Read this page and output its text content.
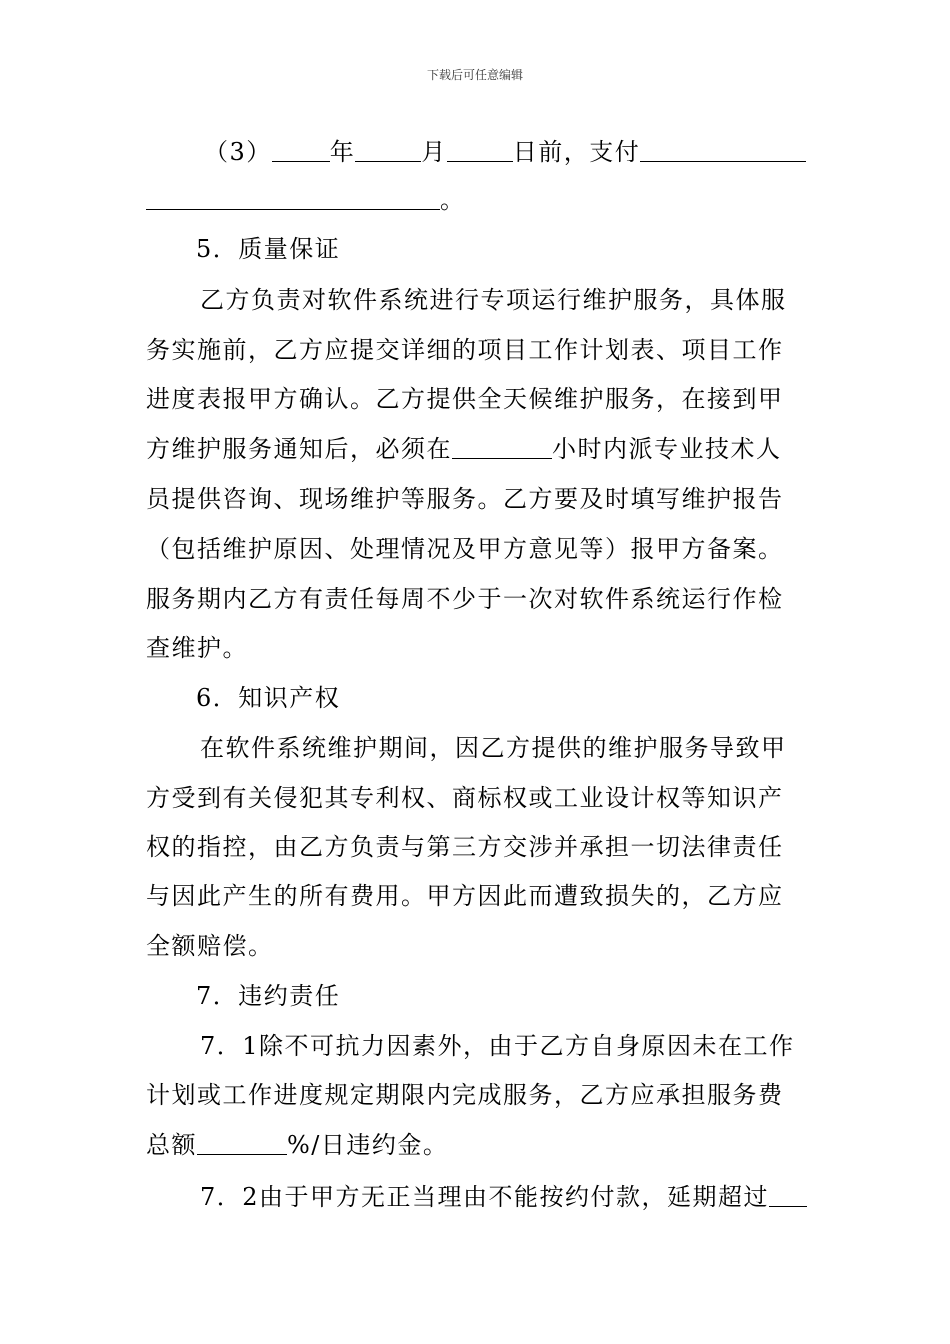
下载后可任意编辑
（3） 年	月	日前，支付
。
5．质量保证
乙方负责对软件系统进行专项运行维护服务，具体服
务实施前，乙方应提交详细的项目工作计划表、项目工作
进度表报甲方确认。乙方提供全天候维护服务，在接到甲
方维护服务通知后，必须在	小时内派专业技术人
员提供咨询、现场维护等服务。乙方要及时填写维护报告
（包括维护原因、处理情况及甲方意见等）报甲方备案。
服务期内乙方有责任每周不少于一次对软件系统运行作检
查维护。
6．知识产权
在软件系统维护期间，因乙方提供的维护服务导致甲
方受到有关侵犯其专利权、商标权或工业设计权等知识产
权的指控，由乙方负责与第三方交涉并承担一切法律责任
与因此产生的所有费用。甲方因此而遭致损失的，乙方应
全额赔偿。
7．违约责任
7．1除不可抗力因素外，由于乙方自身原因未在工作
计划或工作进度规定期限内完成服务，乙方应承担服务费
总额	%/日违约金。
7．2由于甲方无正当理由不能按约付款，延期超过
